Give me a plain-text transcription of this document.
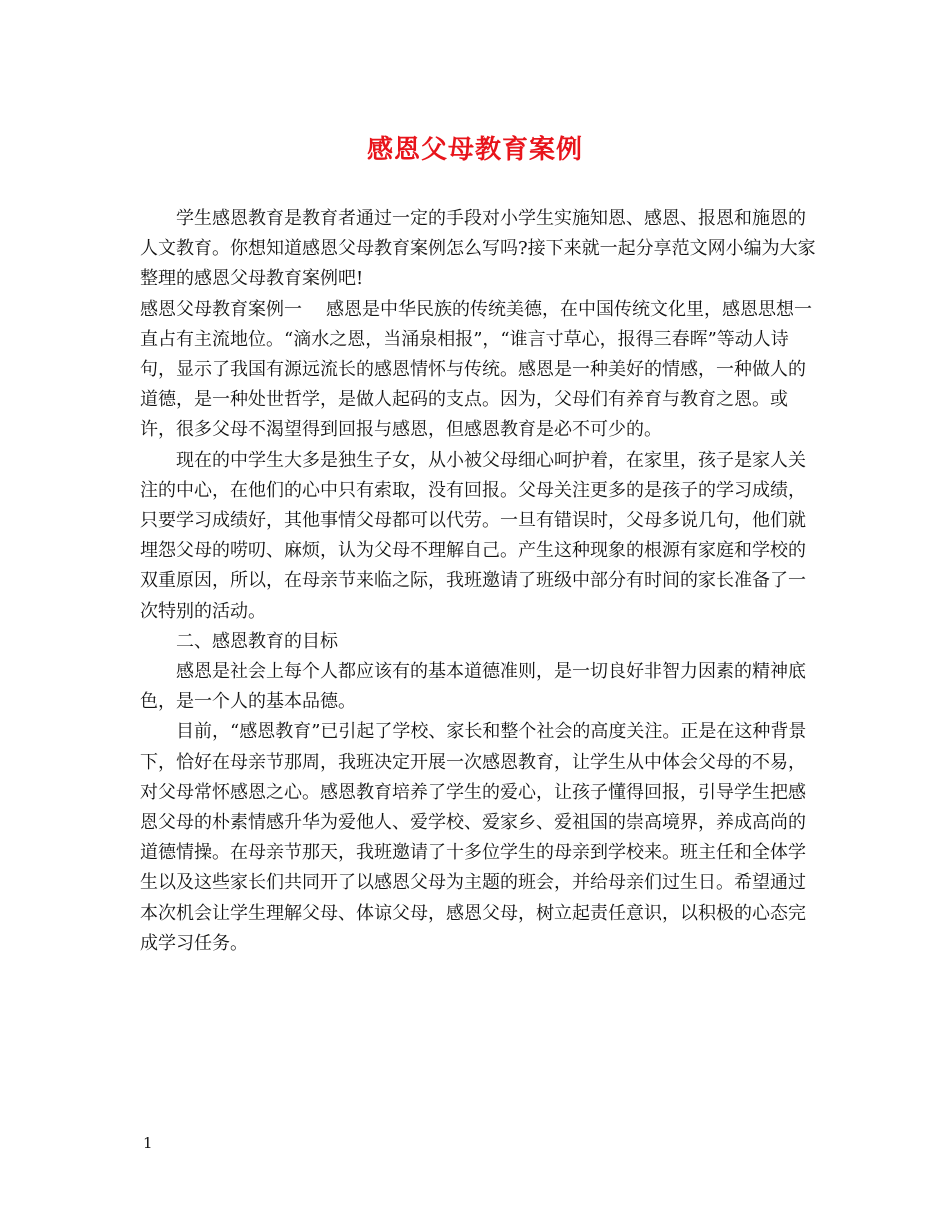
感恩父母教育案例

学生感恩教育是教育者通过一定的手段对小学生实施知恩、感恩、报恩和施恩的人文教育。你想知道感恩父母教育案例怎么写吗?接下来就一起分享范文网小编为大家整理的感恩父母教育案例吧!

感恩父母教育案例一 感恩是中华民族的传统美德，在中国传统文化里，感恩思想一直占有主流地位。“滴水之恩，当涌泉相报”，“谁言寸草心，报得三春晖”等动人诗句，显示了我国有源远流长的感恩情怀与传统。感恩是一种美好的情感，一种做人的道德，是一种处世哲学，是做人起码的支点。因为，父母们有养育与教育之恩。或许，很多父母不渴望得到回报与感恩，但感恩教育是必不可少的。

现在的中学生大多是独生子女，从小被父母细心呵护着，在家里，孩子是家人关注的中心，在他们的心中只有索取，没有回报。父母关注更多的是孩子的学习成绩，只要学习成绩好，其他事情父母都可以代劳。一旦有错误时，父母多说几句，他们就埋怨父母的唠叨、麻烦，认为父母不理解自己。产生这种现象的根源有家庭和学校的双重原因，所以，在母亲节来临之际，我班邀请了班级中部分有时间的家长准备了一次特别的活动。

二、感恩教育的目标

感恩是社会上每个人都应该有的基本道德准则，是一切良好非智力因素的精神底色，是一个人的基本品德。

目前，“感恩教育”已引起了学校、家长和整个社会的高度关注。正是在这种背景下，恰好在母亲节那周，我班决定开展一次感恩教育，让学生从中体会父母的不易，对父母常怀感恩之心。感恩教育培养了学生的爱心，让孩子懂得回报，引导学生把感恩父母的朴素情感升华为爱他人、爱学校、爱家乡、爱祖国的崇高境界，养成高尚的道德情操。在母亲节那天，我班邀请了十多位学生的母亲到学校来。班主任和全体学生以及这些家长们共同开了以感恩父母为主题的班会，并给母亲们过生日。希望通过本次机会让学生理解父母、体谅父母，感恩父母，树立起责任意识，以积极的心态完成学习任务。

1
